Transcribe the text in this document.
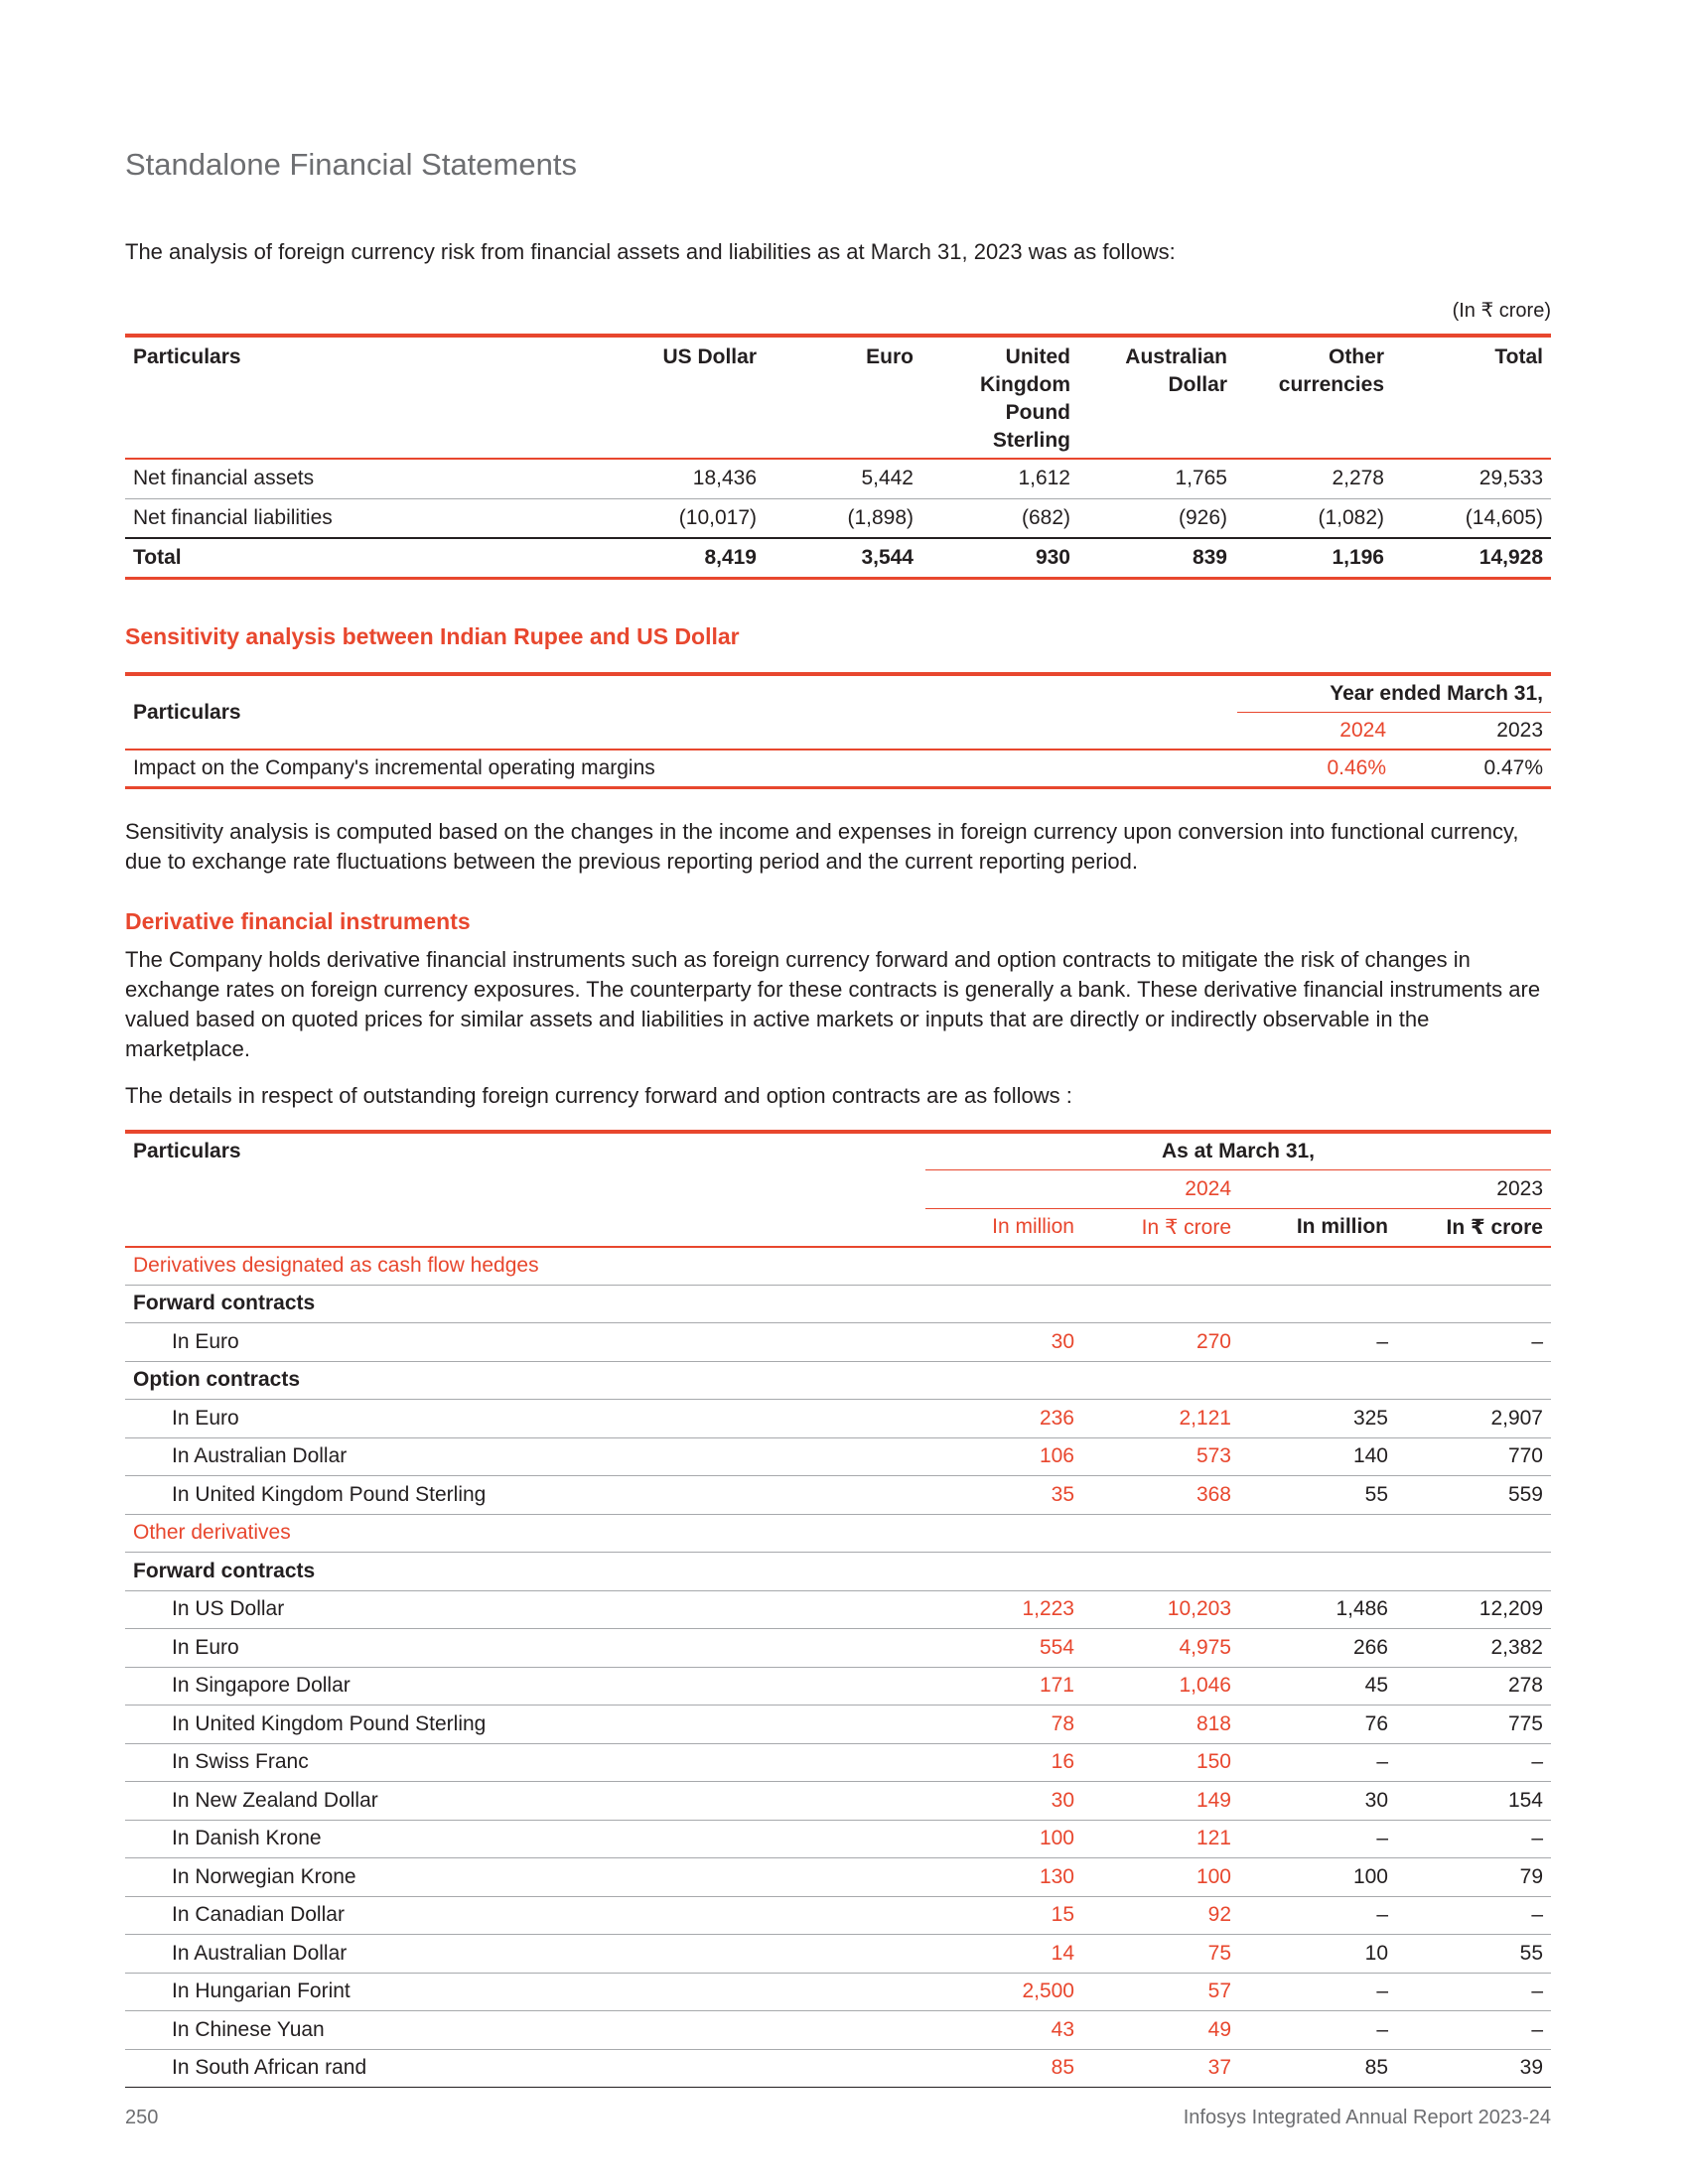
Standalone Financial Statements
The analysis of foreign currency risk from financial assets and liabilities as at March 31, 2023 was as follows:
(In ₹ crore)
Particulars	US Dollar	Euro	United Kingdom Pound Sterling	Australian Dollar	Other currencies	Total
Net financial assets	18,436	5,442	1,612	1,765	2,278	29,533
Net financial liabilities	(10,017)	(1,898)	(682)	(926)	(1,082)	(14,605)
Total	8,419	3,544	930	839	1,196	14,928
Sensitivity analysis between Indian Rupee and US Dollar
Particulars	Year ended March 31,	
	2024	2023
Impact on the Company's incremental operating margins	0.46%	0.47%
Sensitivity analysis is computed based on the changes in the income and expenses in foreign currency upon conversion into functional currency, due to exchange rate fluctuations between the previous reporting period and the current reporting period.
Derivative financial instruments
The Company holds derivative financial instruments such as foreign currency forward and option contracts to mitigate the risk of changes in exchange rates on foreign currency exposures. The counterparty for these contracts is generally a bank. These derivative financial instruments are valued based on quoted prices for similar assets and liabilities in active markets or inputs that are directly or indirectly observable in the marketplace.
The details in respect of outstanding foreign currency forward and option contracts are as follows :
Particulars	As at March 31,			
	2024		2023	
	In million	In ₹ crore	In million	In ₹ crore
Derivatives designated as cash flow hedges				
Forward contracts				
In Euro	30	270	–	–
Option contracts				
In Euro	236	2,121	325	2,907
In Australian Dollar	106	573	140	770
In United Kingdom Pound Sterling	35	368	55	559
Other derivatives				
Forward contracts				
In US Dollar	1,223	10,203	1,486	12,209
In Euro	554	4,975	266	2,382
In Singapore Dollar	171	1,046	45	278
In United Kingdom Pound Sterling	78	818	76	775
In Swiss Franc	16	150	–	–
In New Zealand Dollar	30	149	30	154
In Danish Krone	100	121	–	–
In Norwegian Krone	130	100	100	79
In Canadian Dollar	15	92	–	–
In Australian Dollar	14	75	10	55
In Hungarian Forint	2,500	57	–	–
In Chinese Yuan	43	49	–	–
In South African rand	85	37	85	39
250	Infosys Integrated Annual Report 2023-24
